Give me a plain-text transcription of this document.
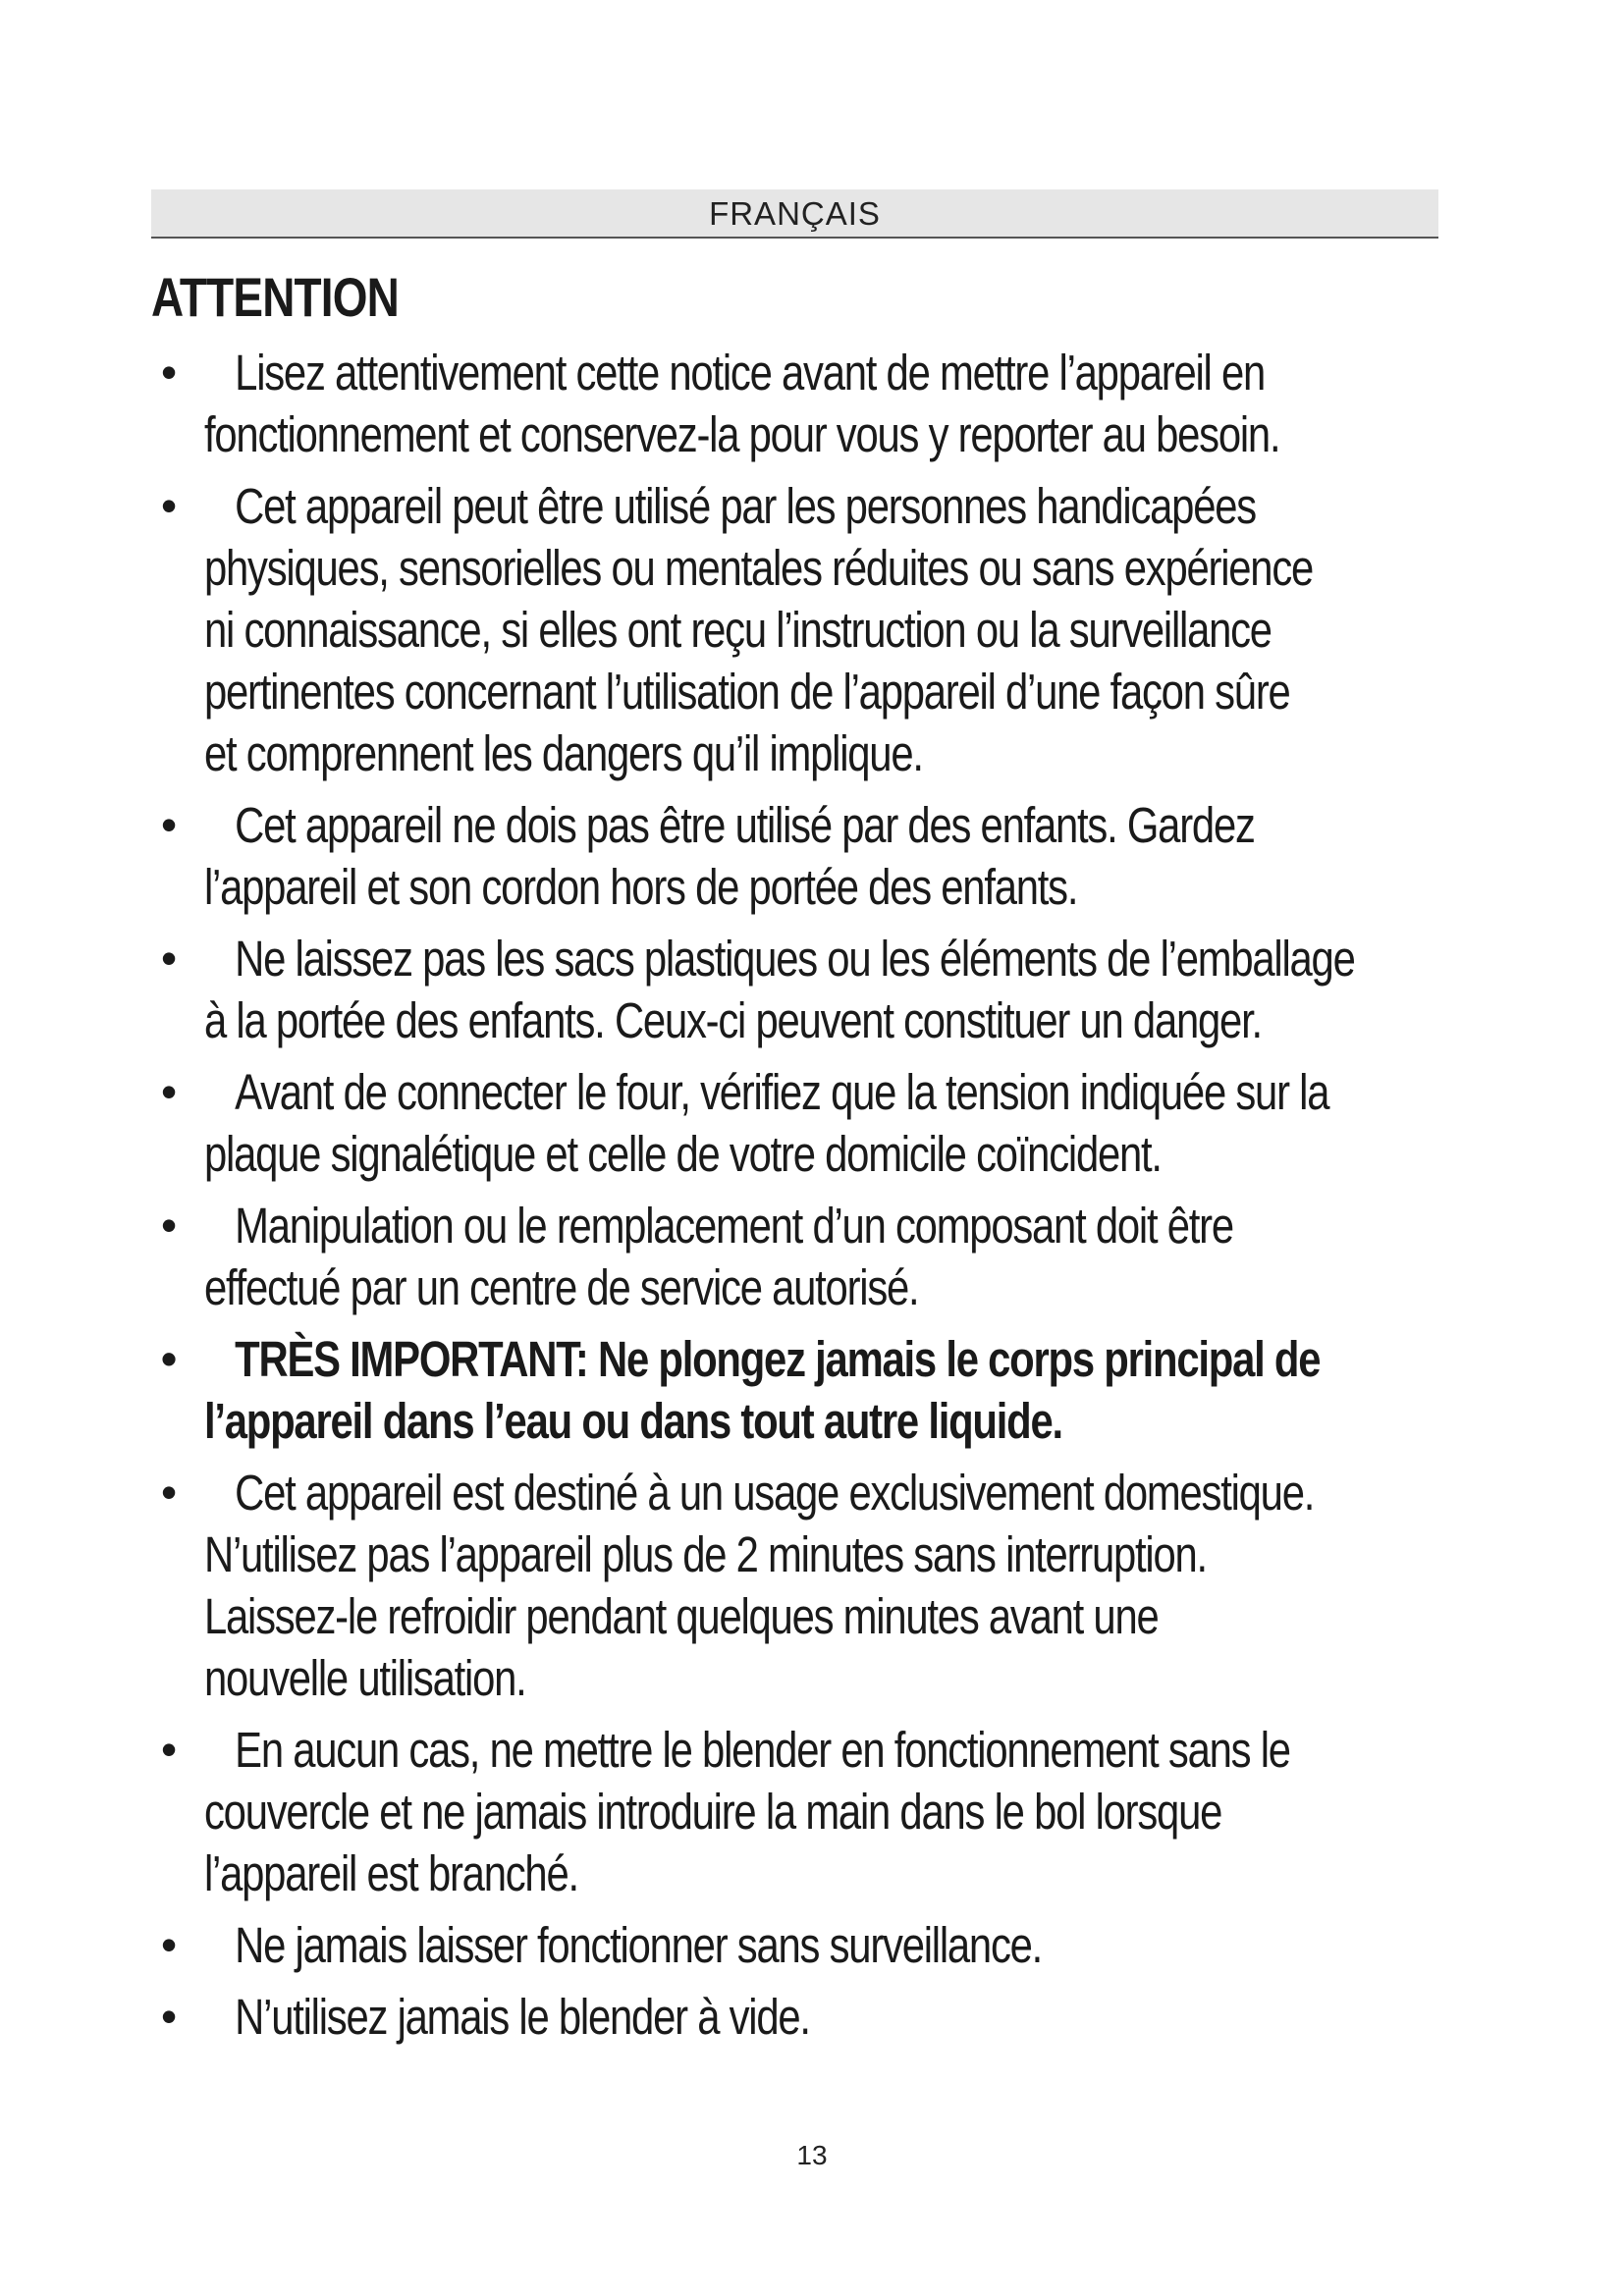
FRANÇAIS
ATTENTION
•	Lisez attentivement cette notice avant de mettre l’appareil en
fonctionnement et conservez-la pour vous y reporter au besoin.
•	Cet appareil peut être utilisé par les personnes handicapées
physiques, sensorielles ou mentales réduites ou sans expérience
ni connaissance, si elles ont reçu l’instruction ou la surveillance
pertinentes concernant l’utilisation de l’appareil d’une façon sûre
et comprennent les dangers qu’il implique.
•	Cet appareil ne dois pas être utilisé par des enfants. Gardez
l’appareil et son cordon hors de portée des enfants.
•	Ne laissez pas les sacs plastiques ou les éléments de l’emballage
à la portée des enfants. Ceux-ci peuvent constituer un danger.
•	Avant de connecter le four, vérifiez que la tension indiquée sur la
plaque signalétique et celle de votre domicile coïncident.
•	Manipulation ou le remplacement d’un composant doit être
effectué par un centre de service autorisé.
•	TRÈS IMPORTANT: Ne plongez jamais le corps principal de
l’appareil dans l’eau ou dans tout autre liquide.
•	Cet appareil est destiné à un usage exclusivement domestique.
N’utilisez pas l’appareil plus de 2 minutes sans interruption.
Laissez-le refroidir pendant quelques minutes avant une
nouvelle utilisation.
•	En aucun cas, ne mettre le blender en fonctionnement sans le
couvercle et ne jamais introduire la main dans le bol lorsque
l’appareil est branché.
•	Ne jamais laisser fonctionner sans surveillance.
•	N’utilisez jamais le blender à vide.
13
